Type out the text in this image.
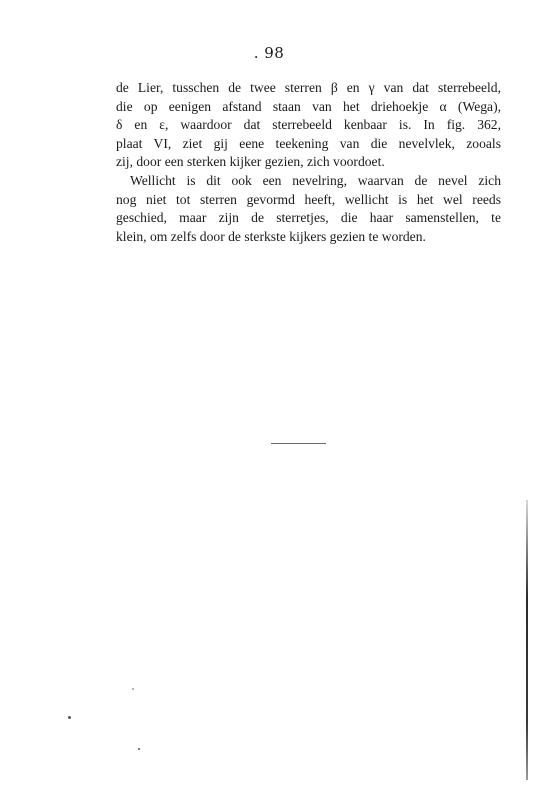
. 98
de Lier, tusschen de twee sterren β en γ van dat sterrebeeld,
die op eenigen afstand staan van het driehoekje α (Wega),
δ en ε, waardoor dat sterrebeeld kenbaar is. In fig. 362,
plaat VI, ziet gij eene teekening van die nevelvlek, zooals
zij, door een sterken kijker gezien, zich voordoet.
Wellicht is dit ook een nevelring, waarvan de nevel zich
nog niet tot sterren gevormd heeft, wellicht is het wel reeds
geschied, maar zijn de sterretjes, die haar samenstellen, te
klein, om zelfs door de sterkste kijkers gezien te worden.
